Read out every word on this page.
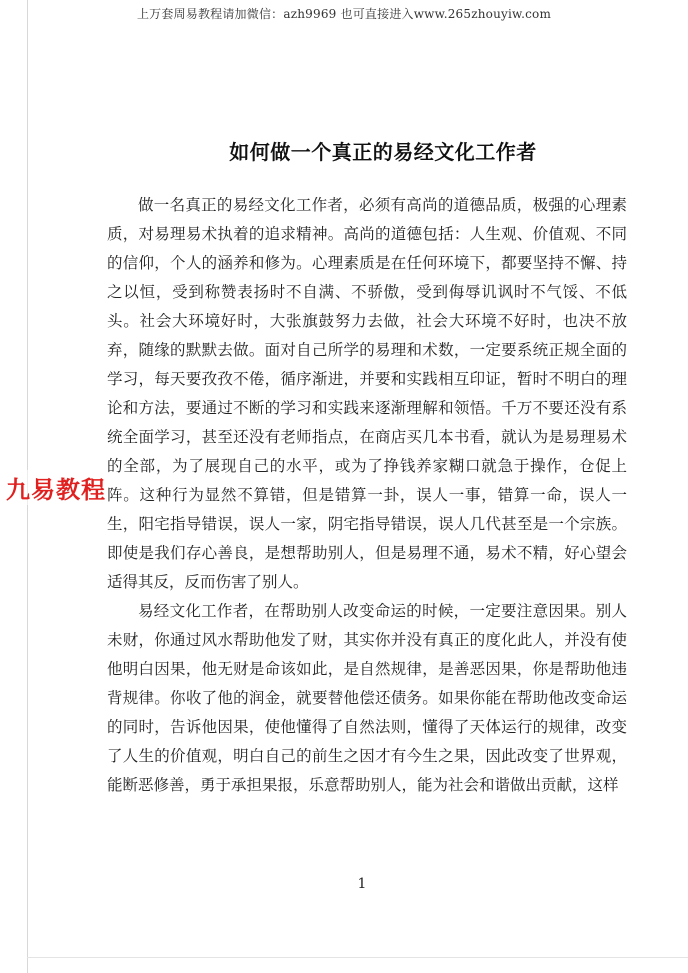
上万套周易教程请加微信：azh9969 也可直接进入www.265zhouyiw.com
如何做一个真正的易经文化工作者

做一名真正的易经文化工作者，必须有高尚的道德品质，极强的心理素质，对易理易术执着的追求精神。高尚的道德包括：人生观、价值观、不同的信仰，个人的涵养和修为。心理素质是在任何环境下，都要坚持不懈、持之以恒，受到称赞表扬时不自满、不骄傲，受到侮辱讥讽时不气馁、不低头。社会大环境好时，大张旗鼓努力去做，社会大环境不好时，也决不放弃，随缘的默默去做。面对自己所学的易理和术数，一定要系统正规全面的学习，每天要孜孜不倦，循序渐进，并要和实践相互印证，暂时不明白的理论和方法，要通过不断的学习和实践来逐渐理解和领悟。千万不要还没有系统全面学习，甚至还没有老师指点，在商店买几本书看，就认为是易理易术的全部，为了展现自己的水平，或为了挣钱养家糊口就急于操作，仓促上阵。这种行为显然不算错，但是错算一卦，误人一事，错算一命，误人一生，阳宅指导错误，误人一家，阴宅指导错误，误人几代甚至是一个宗族。即使是我们存心善良，是想帮助别人，但是易理不通，易术不精，好心望会适得其反，反而伤害了别人。

易经文化工作者，在帮助别人改变命运的时候，一定要注意因果。别人未财，你通过风水帮助他发了财，其实你并没有真正的度化此人，并没有使他明白因果，他无财是命该如此，是自然规律，是善恶因果，你是帮助他违背规律。你收了他的润金，就要替他偿还债务。如果你能在帮助他改变命运的同时，告诉他因果，使他懂得了自然法则，懂得了天体运行的规律，改变了人生的价值观，明白自己的前生之因才有今生之果，因此改变了世界观，能断恶修善，勇于承担果报，乐意帮助别人，能为社会和谐做出贡献，这样

九易教程
1
